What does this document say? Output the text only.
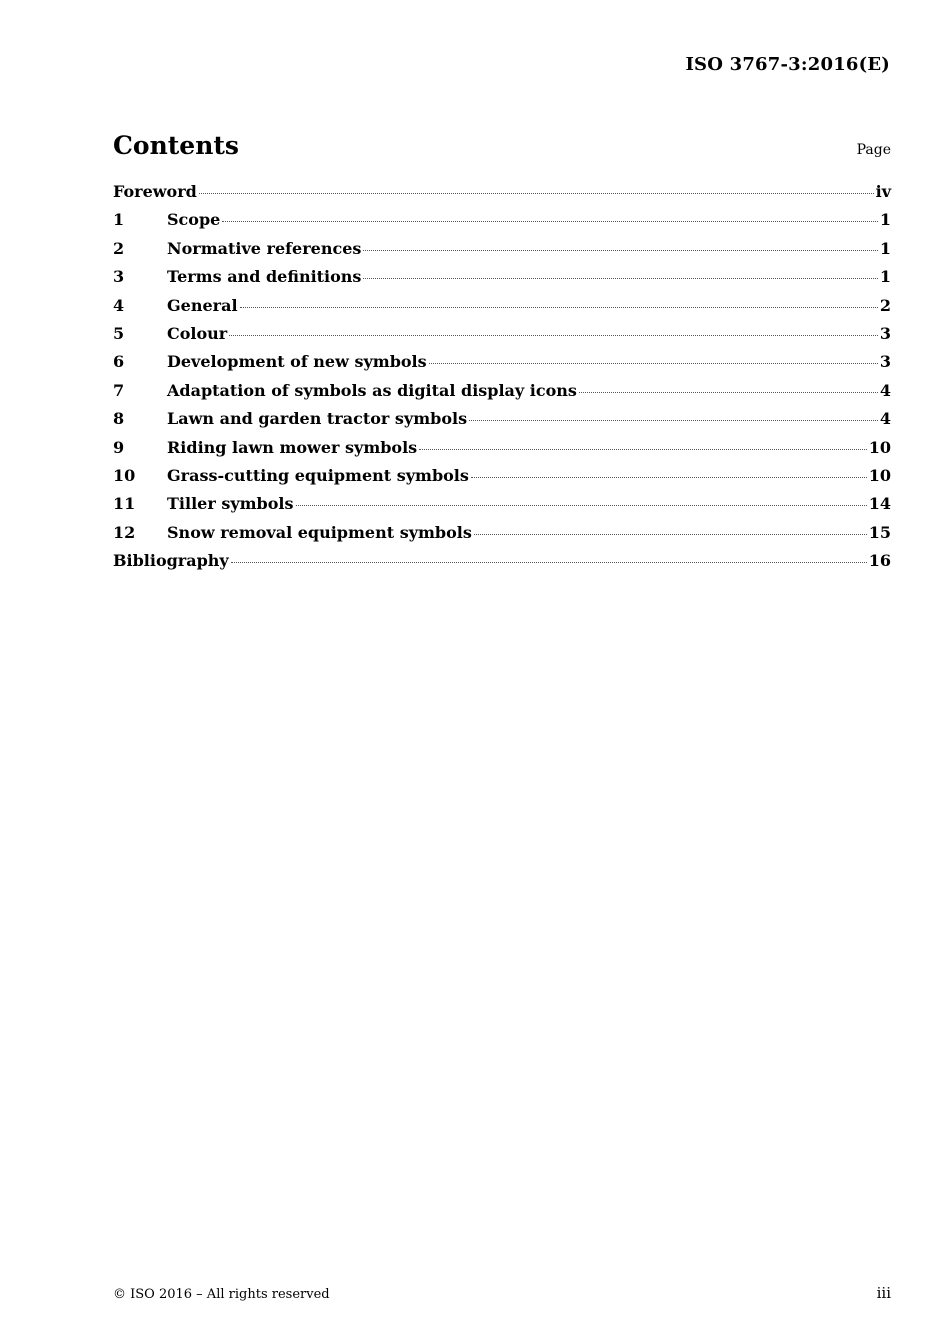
ISO 3767-3:2016(E)
Contents	Page
Foreword	iv
1	Scope	1
2	Normative references	1
3	Terms and definitions	1
4	General	2
5	Colour	3
6	Development of new symbols	3
7	Adaptation of symbols as digital display icons	4
8	Lawn and garden tractor symbols	4
9	Riding lawn mower symbols	10
10	Grass-cutting equipment symbols	10
11	Tiller symbols	14
12	Snow removal equipment symbols	15
Bibliography	16
© ISO 2016 – All rights reserved	iii
